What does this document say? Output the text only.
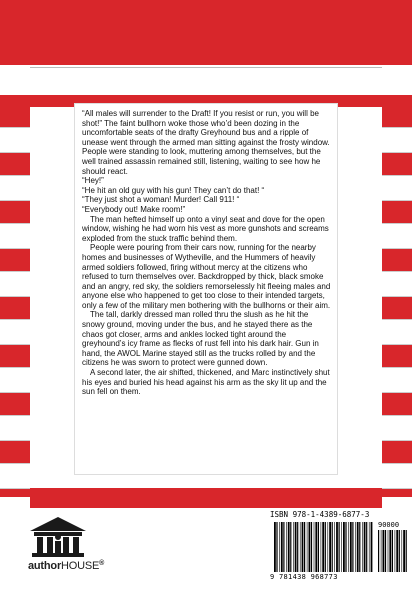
“All males will surrender to the Draft! If you resist or run, you will be shot!” The faint bullhorn woke those who’d been dozing in the uncomfortable seats of the drafty Greyhound bus and a ripple of unease went through the armed man sitting against the frosty window. People were standing to look, muttering among themselves, but the well trained assassin remained still, listening, waiting to see how he should react.

“Hey!”

“He hit an old guy with his gun! They can’t do that! “

“They just shot a woman! Murder! Call 911! “

“Everybody out! Make room!”

The man hefted himself up onto a vinyl seat and dove for the open window, wishing he had worn his vest as more gunshots and screams exploded from the stuck traffic behind them.

People were pouring from their cars now, running for the nearby homes and businesses of Wytheville, and the Hummers of heavily armed soldiers followed, firing without mercy at the citizens who refused to turn themselves over. Backdropped by thick, black smoke and an angry, red sky, the soldiers remorselessly hit fleeing males and anyone else who happened to get too close to their intended targets, only a few of the military men bothering with the bullhorns or their aim.

The tall, darkly dressed man rolled thru the slush as he hit the snowy ground, moving under the bus, and he stayed there as the chaos got closer, arms and ankles locked tight around the greyhound’s icy frame as flecks of rust fell into his dark hair. Gun in hand, the AWOL Marine stayed still as the trucks rolled by and the citizens he was sworn to protect were gunned down.

A second later, the air shifted, thickened, and Marc instinctively shut his eyes and buried his head against his arm as the sky lit up and the sun fell on them.

authorHOUSE®
ISBN 978-1-4389-6877-3
90000
9 781438 968773
